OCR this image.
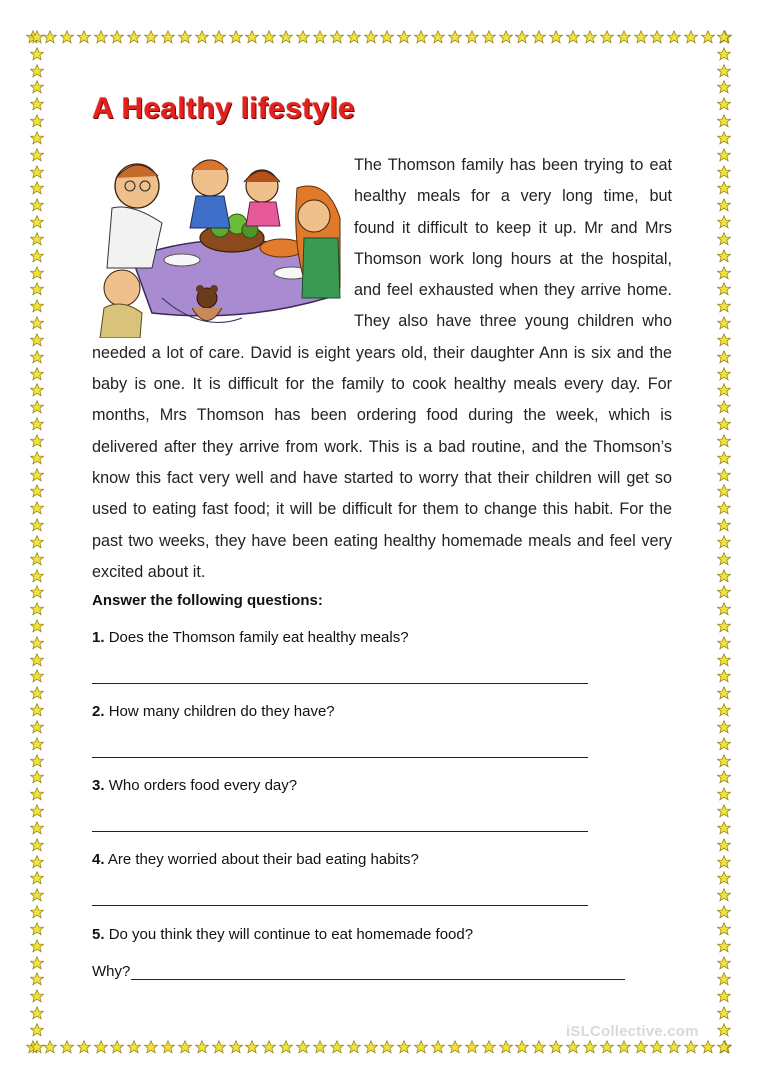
A Healthy lifestyle
The Thomson family has been trying to eat healthy meals for a very long time, but found it difficult to keep it up. Mr and Mrs Thomson work long hours at the hospital, and feel exhausted when they arrive home. They also have three young children who needed a lot of care. David is eight years old, their daughter Ann is six and the baby is one. It is difficult for the family to cook healthy meals every day. For months, Mrs Thomson has been ordering food during the week, which is delivered after they arrive from work. This is a bad routine, and the Thomson’s know this fact very well and have started to worry that their children will get so used to eating fast food; it will be difficult for them to change this habit. For the past two weeks, they have been eating healthy homemade meals and feel very excited about it.
Answer the following questions:
1. Does the Thomson family eat healthy meals?
2. How many children do they have?
3. Who orders food every day?
4. Are they worried about their bad eating habits?
5. Do you think they will continue to eat homemade food?
Why?
iSLCollective.com
